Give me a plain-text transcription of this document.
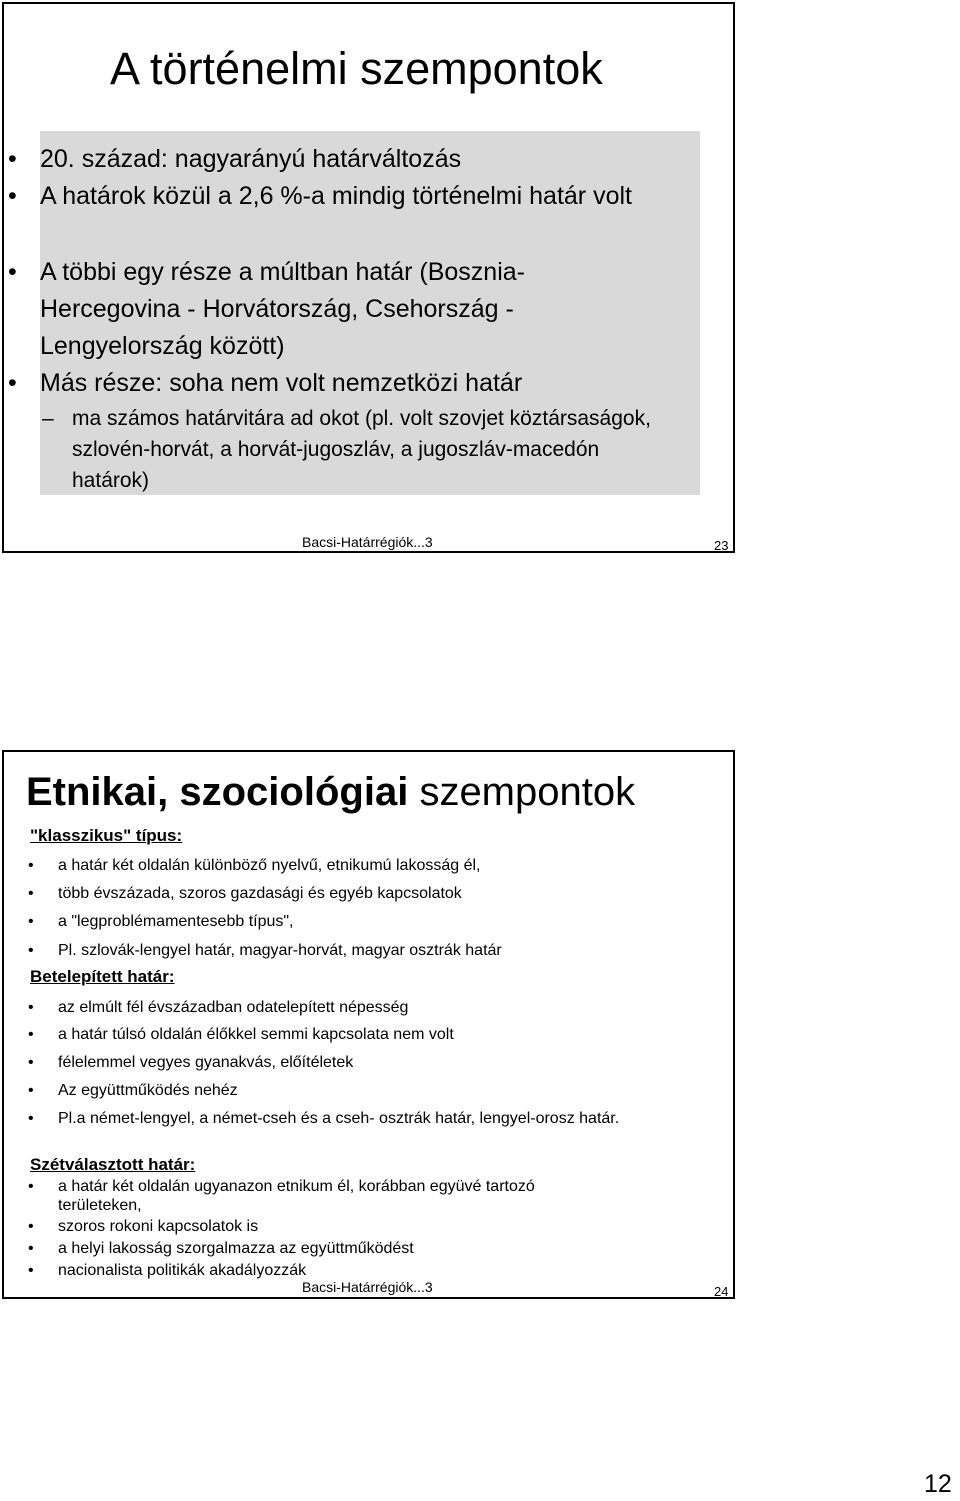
A történelmi szempontok
• 20. század: nagyarányú határváltozás
• A határok közül a 2,6 %-a mindig történelmi határ volt
• A többi egy része a múltban határ (Bosznia-Hercegovina - Horvátország, Csehország - Lengyelország között)
• Más része: soha nem volt nemzetközi határ
– ma számos határvitára ad okot (pl. volt szovjet köztársaságok, szlovén-horvát, a horvát-jugoszláv, a jugoszláv-macedón határok)
Bacsi-Határrégiók...3	23
Etnikai, szociológiai szempontok
"klasszikus" típus:
• a határ két oldalán különböző nyelvű, etnikumú lakosság él,
• több évszázada, szoros gazdasági és egyéb kapcsolatok
• a "legproblémamentesebb típus",
• Pl. szlovák-lengyel határ, magyar-horvát, magyar osztrák határ
Betelepített határ:
• az elmúlt fél évszázadban odatelepített népesség
• a határ túlsó oldalán élőkkel semmi kapcsolata nem volt
• félelemmel vegyes gyanakvás, előítéletek
• Az együttműködés nehéz
• Pl.a német-lengyel, a német-cseh és a cseh- osztrák határ, lengyel-orosz határ.
Szétválasztott határ:
• a határ két oldalán ugyanazon etnikum él, korábban együvé tartozó területeken,
• szoros rokoni kapcsolatok is
• a helyi lakosság szorgalmazza az együttműködést
• nacionalista politikák akadályozzák
Bacsi-Határrégiók...3	24
12
